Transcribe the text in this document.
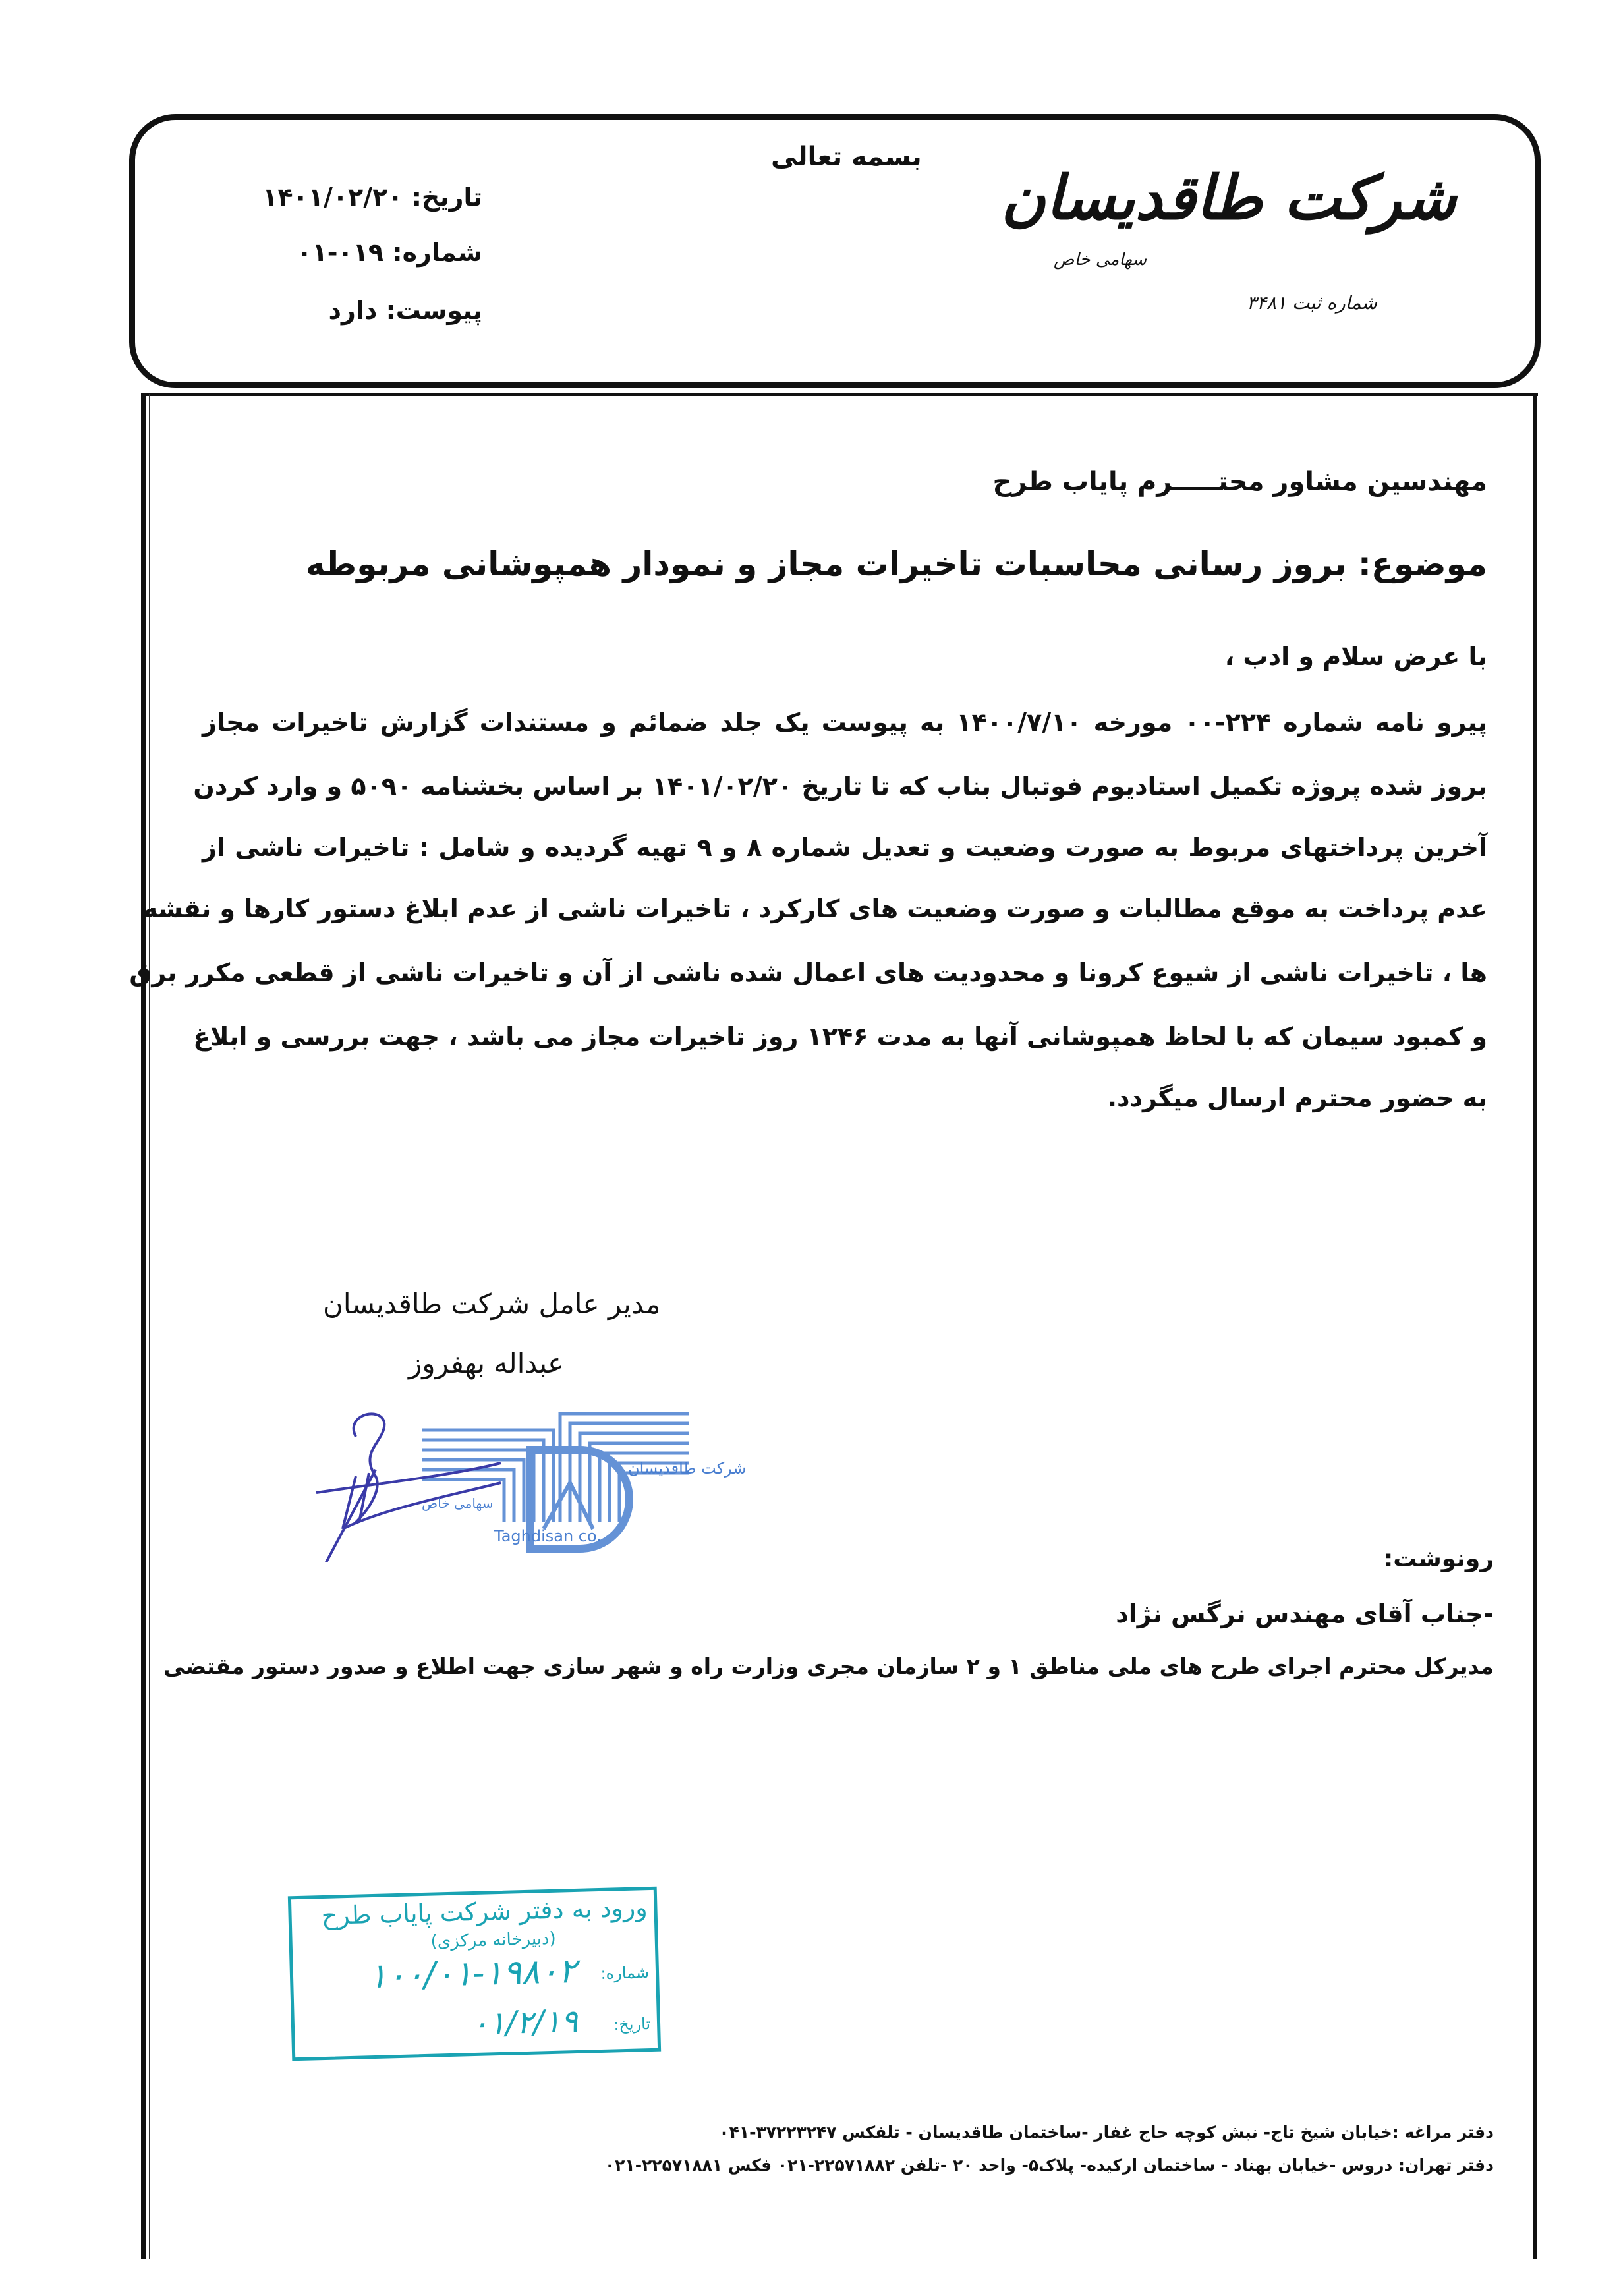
بسمه تعالی
شرکت طاقدیسان
سهامی خاص
شماره ثبت ۳۴۸۱
تاریخ: ۱۴۰۱/۰۲/۲۰
شماره: ۰۱۹-۰۱
پیوست: دارد
مهندسین مشاور محتـــــرم پایاب طرح
موضوع: بروز رسانی محاسبات تاخیرات مجاز و نمودار همپوشانی مربوطه
با عرض سلام و ادب ،
پیرو نامه شماره ۲۲۴-۰۰ مورخه ۱۴۰۰/۷/۱۰ به پیوست یک جلد ضمائم و مستندات گزارش تاخیرات مجاز
بروز شده پروژه تکمیل استادیوم فوتبال بناب که تا تاریخ ۱۴۰۱/۰۲/۲۰ بر اساس بخشنامه ۵۰۹۰ و وارد کردن
آخرین پرداختهای مربوط به صورت وضعیت و تعدیل شماره ۸ و ۹ تهیه گردیده و شامل : تاخیرات ناشی از
عدم پرداخت به موقع مطالبات و صورت وضعیت های کارکرد ، تاخیرات ناشی از عدم ابلاغ دستور کارها و نقشه
ها ، تاخیرات ناشی از شیوع کرونا و محدودیت های اعمال شده ناشی از آن و تاخیرات ناشی از قطعی مکرر برق
و کمبود سیمان که با لحاظ همپوشانی آنها به مدت ۱۲۴۶ روز تاخیرات مجاز می باشد ، جهت بررسی و ابلاغ
به حضور محترم ارسال میگردد.
مدیر عامل شرکت طاقدیسان
عبداله بهفروز
شرکت طاقدیسان
سهامی خاص
Taghdisan co.
رونوشت:
-جناب آقای مهندس نرگس نژاد
مدیرکل محترم اجرای طرح های ملی مناطق ۱ و ۲ سازمان مجری وزارت راه و شهر سازی جهت اطلاع و صدور دستور مقتضی
ورود به دفتر شرکت پایاب طرح
(دبیرخانه مرکزی)
شماره:
۱۰۰/۰۱-۱۹۸۰۲
تاریخ:
۰۱/۲/۱۹
دفتر مراغه :خیابان شیخ تاج- نبش کوچه حاج غفار -ساختمان طاقدیسان - تلفکس ۳۷۲۲۳۲۴۷-۰۴۱
دفتر تهران: دروس -خیابان بهناد - ساختمان ارکیده- پلاک۵- واحد ۲۰ -تلفن ۲۲۵۷۱۸۸۲-۰۲۱ فکس ۲۲۵۷۱۸۸۱-۰۲۱
